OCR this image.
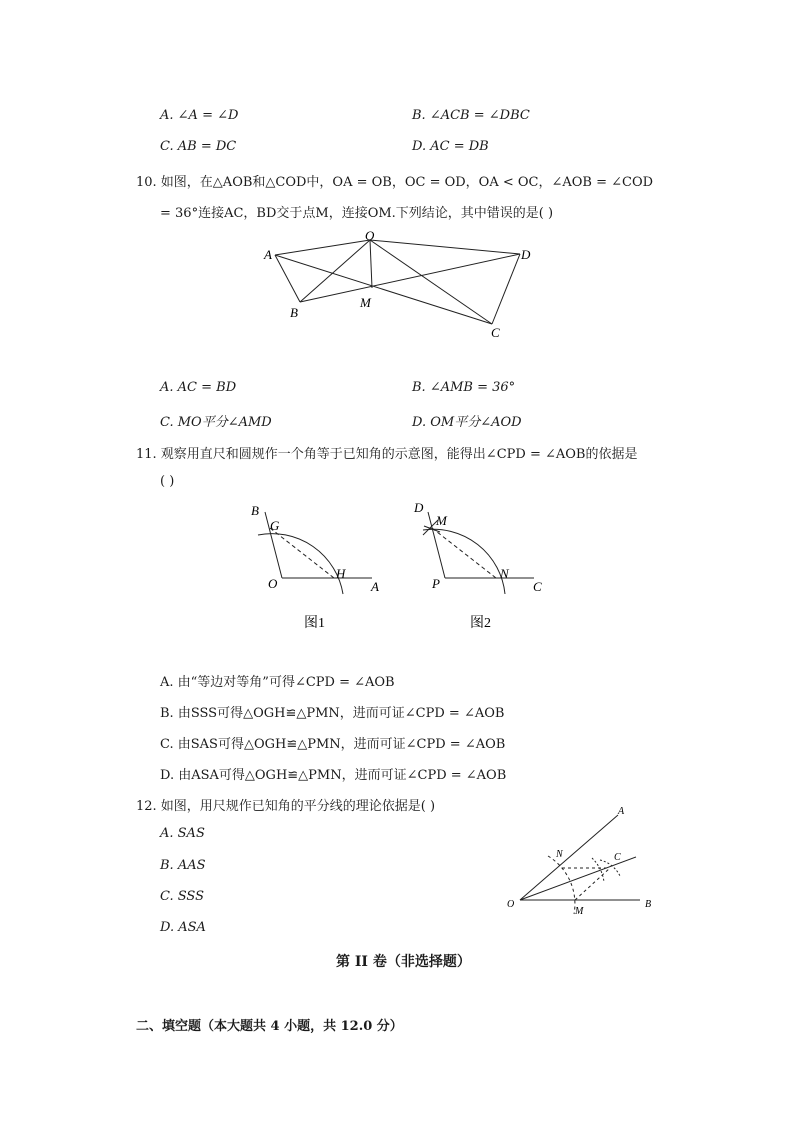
A. ∠A = ∠D	B. ∠ACB = ∠DBC
C. AB = DC	D. AC = DB
10. 如图，在△AOB和△COD中，OA = OB，OC = OD，OA < OC，∠AOB = ∠COD
= 36°连接AC，BD交于点M，连接OM.下列结论，其中错误的是( )
O
A	D
B
M
C
A. AC = BD	B. ∠AMB = 36°
C. MO平分∠AMD	D. OM平分∠AOD
11. 观察用直尺和圆规作一个角等于已知角的示意图，能得出∠CPD = ∠AOB的依据是
( )
B
G
O
H
A
D
M
P
N
C
图1	图2
A. 由“等边对等角”可得∠CPD = ∠AOB
B. 由SSS可得△OGH≌△PMN，进而可证∠CPD = ∠AOB
C. 由SAS可得△OGH≌△PMN，进而可证∠CPD = ∠AOB
D. 由ASA可得△OGH≌△PMN，进而可证∠CPD = ∠AOB
12. 如图，用尺规作已知角的平分线的理论依据是( )
A. SAS
B. AAS
C. SSS
D. ASA
A
N	C
O
M
B
第 II 卷（非选择题）
二、填空题（本大题共 4 小题，共 12.0 分）
